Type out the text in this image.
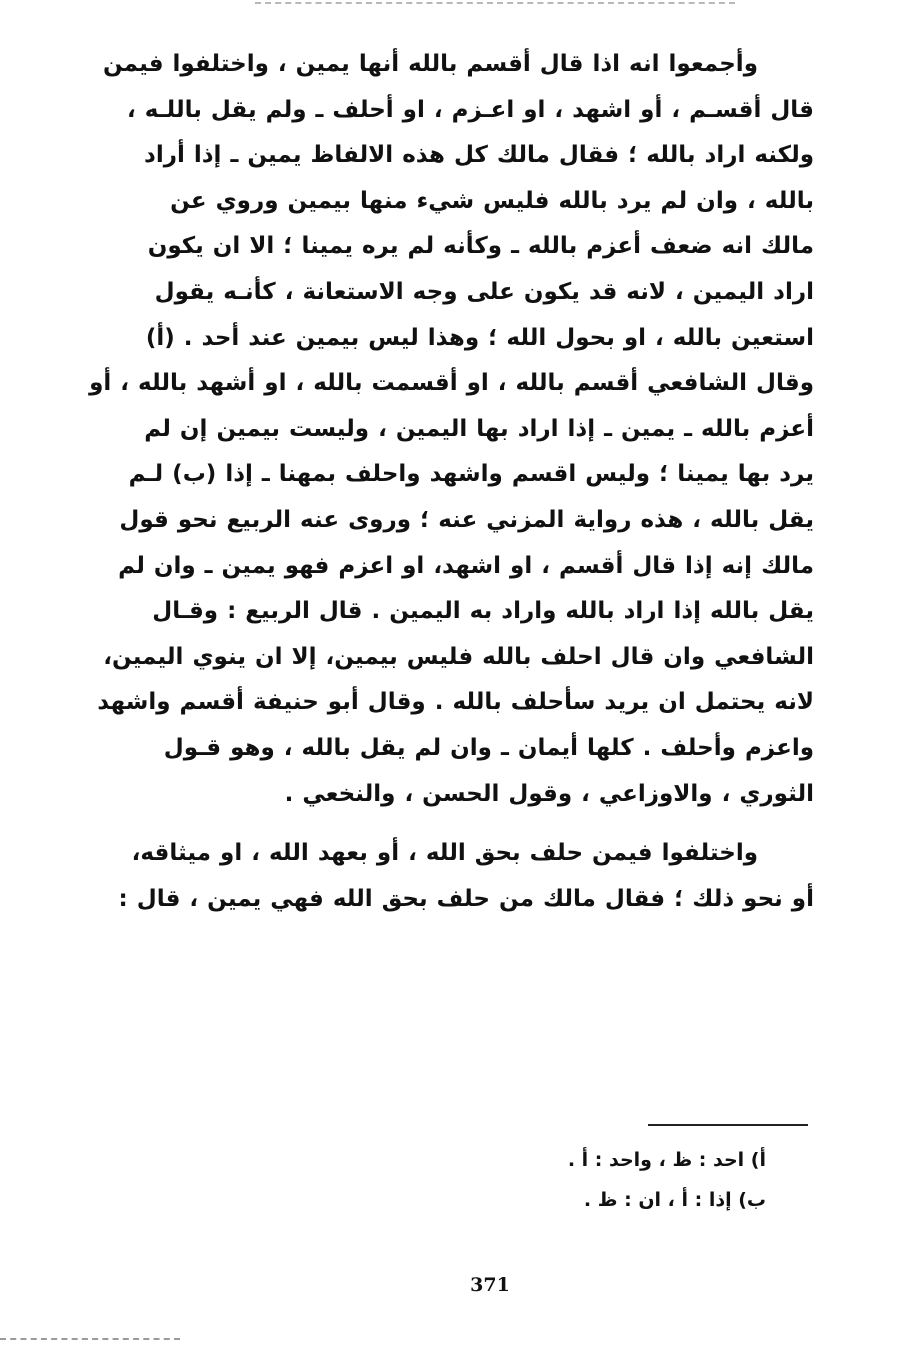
وأجمعوا انه اذا قال أقسم بالله أنها يمين ، واختلفوا فيمن
قال أقسـم ، أو اشهد ، او اعـزم ، او أحلف ـ ولم يقل باللـه ،
ولكنه اراد بالله ؛ فقال مالك كل هذه الالفاظ يمين ـ إذا أراد
بالله ، وان لم يرد بالله فليس شيء منها بيمين وروي عن
مالك انه ضعف أعزم بالله ـ وكأنه لم يره يمينا ؛ الا ان يكون
اراد اليمين ، لانه قد يكون على وجه الاستعانة ، كأنـه يقول
استعين بالله ، او بحول الله ؛ وهذا ليس بيمين عند أحد . (أ)
وقال الشافعي أقسم بالله ، او أقسمت بالله ، او أشهد بالله ، أو
أعزم بالله ـ يمين ـ إذا اراد بها اليمين ، وليست بيمين إن لم
يرد بها يمينا ؛ وليس اقسم واشهد واحلف بمهنا ـ إذا (ب) لـم
يقل بالله ، هذه رواية المزني عنه ؛ وروى عنه الربيع نحو قول
مالك إنه إذا قال أقسم ، او اشهد، او اعزم فهو يمين ـ وان لم
يقل بالله إذا اراد بالله واراد به اليمين . قال الربيع : وقـال
الشافعي وان قال احلف بالله فليس بيمين، إلا ان ينوي اليمين،
لانه يحتمل ان يريد سأحلف بالله . وقال أبو حنيفة أقسم واشهد
واعزم وأحلف . كلها أيمان ـ وان لم يقل بالله ، وهو قـول
الثوري ، والاوزاعي ، وقول الحسن ، والنخعي .

واختلفوا فيمن حلف بحق الله ، أو بعهد الله ، او ميثاقه،
أو نحو ذلك ؛ فقال مالك من حلف بحق الله فهي يمين ، قال :

أ) احد : ظ ، واحد : أ .
ب) إذا : أ ، ان : ظ .
371
